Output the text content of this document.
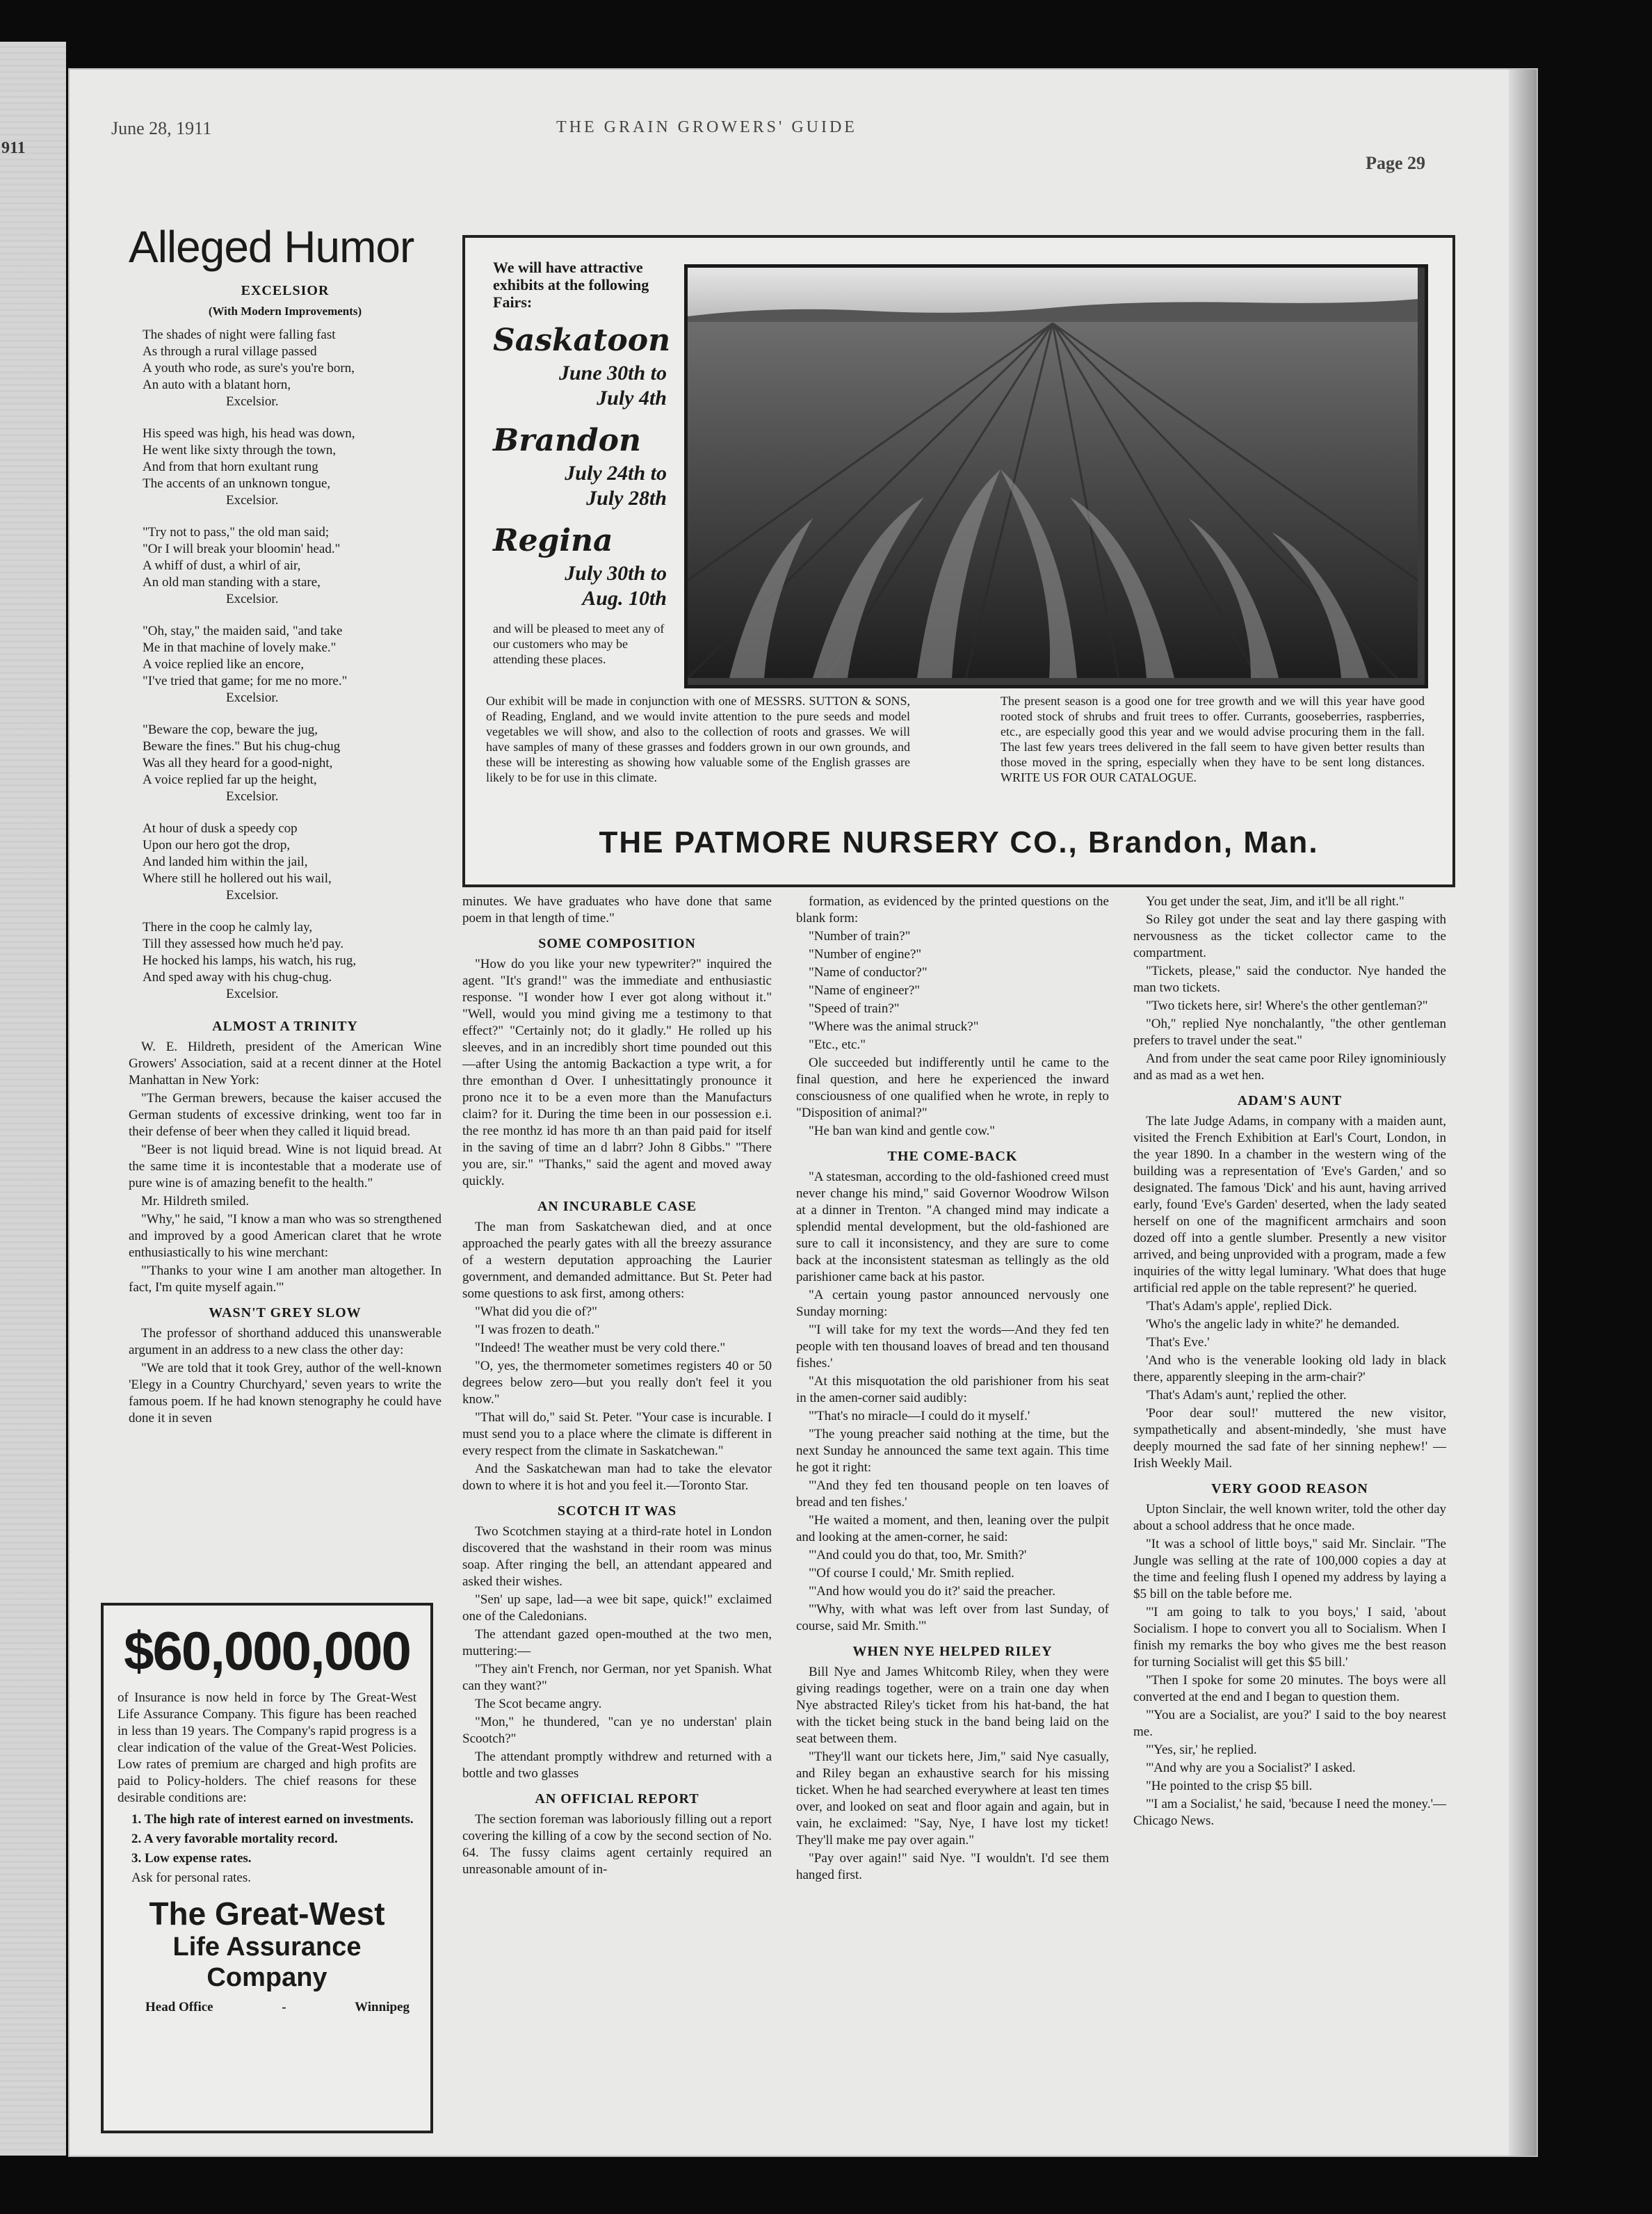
911
June 28, 1911	THE GRAIN GROWERS' GUIDE
Page 29
Alleged Humor
EXCELSIOR
(With Modern Improvements)
The shades of night were falling fast
As through a rural village passed
A youth who rode, as sure's you're born,
An auto with a blatant horn,
Excelsior.
His speed was high, his head was down,
He went like sixty through the town,
And from that horn exultant rung
The accents of an unknown tongue,
Excelsior.
"Try not to pass," the old man said;
"Or I will break your bloomin' head."
A whiff of dust, a whirl of air,
An old man standing with a stare,
Excelsior.
"Oh, stay," the maiden said, "and take
Me in that machine of lovely make."
A voice replied like an encore,
"I've tried that game; for me no more."
Excelsior.
"Beware the cop, beware the jug,
Beware the fines." But his chug-chug
Was all they heard for a good-night,
A voice replied far up the height,
Excelsior.
At hour of dusk a speedy cop
Upon our hero got the drop,
And landed him within the jail,
Where still he hollered out his wail,
Excelsior.
There in the coop he calmly lay,
Till they assessed how much he'd pay.
He hocked his lamps, his watch, his rug,
And sped away with his chug-chug.
Excelsior.
ALMOST A TRINITY

W. E. Hildreth, president of the American Wine Growers' Association, said at a recent dinner at the Hotel Manhattan in New York:

"The German brewers, because the kaiser accused the German students of excessive drinking, went too far in their defense of beer when they called it liquid bread.

"Beer is not liquid bread. Wine is not liquid bread. At the same time it is incontestable that a moderate use of pure wine is of amazing benefit to the health."

Mr. Hildreth smiled.

"Why," he said, "I know a man who was so strengthened and improved by a good American claret that he wrote enthusiastically to his wine merchant:

"'Thanks to your wine I am another man altogether. In fact, I'm quite myself again.'"

WASN'T GREY SLOW

The professor of shorthand adduced this unanswerable argument in an address to a new class the other day:

"We are told that it took Grey, author of the well-known 'Elegy in a Country Churchyard,' seven years to write the famous poem. If he had known stenography he could have done it in seven

We will have attractive exhibits at the following Fairs:
Saskatoon
June 30th to
July 4th
Brandon
July 24th to
July 28th
Regina
July 30th to
Aug. 10th
and will be pleased to meet any of our customers who may be attending these places.
Our exhibit will be made in conjunction with one of MESSRS. SUTTON & SONS, of Reading, England, and we would invite attention to the pure seeds and model vegetables we will show, and also to the collection of roots and grasses. We will have samples of many of these grasses and fodders grown in our own grounds, and these will be interesting as showing how valuable some of the English grasses are likely to be for use in this climate.
The present season is a good one for tree growth and we will this year have good rooted stock of shrubs and fruit trees to offer. Currants, gooseberries, raspberries, etc., are especially good this year and we would advise procuring them in the fall. The last few years trees delivered in the fall seem to have given better results than those moved in the spring, especially when they have to be sent long distances. WRITE US FOR OUR CATALOGUE.
THE PATMORE NURSERY CO., Brandon, Man.

minutes. We have graduates who have done that same poem in that length of time."

SOME COMPOSITION

"How do you like your new typewriter?" inquired the agent. "It's grand!" was the immediate and enthusiastic response. "I wonder how I ever got along without it." "Well, would you mind giving me a testimony to that effect?" "Certainly not; do it gladly." He rolled up his sleeves, and in an incredibly short time pounded out this—after Using the antomig Backaction a type writ, a for thre emonthan d Over. I unhesittatingly pronounce it prono nce it to be a even more than the Manufacturs claim? for it. During the time been in our possession e.i. the ree monthz id has more th an than paid paid for itself in the saving of time an d labrr? John 8 Gibbs." "There you are, sir." "Thanks," said the agent and moved away quickly.

AN INCURABLE CASE

The man from Saskatchewan died, and at once approached the pearly gates with all the breezy assurance of a western deputation approaching the Laurier government, and demanded admittance. But St. Peter had some questions to ask first, among others:

"What did you die of?"

"I was frozen to death."

"Indeed! The weather must be very cold there."

"O, yes, the thermometer sometimes registers 40 or 50 degrees below zero—but you really don't feel it you know."

"That will do," said St. Peter. "Your case is incurable. I must send you to a place where the climate is different in every respect from the climate in Saskatchewan."

And the Saskatchewan man had to take the elevator down to where it is hot and you feel it.—Toronto Star.

SCOTCH IT WAS

Two Scotchmen staying at a third-rate hotel in London discovered that the washstand in their room was minus soap. After ringing the bell, an attendant appeared and asked their wishes.

"Sen' up sape, lad—a wee bit sape, quick!" exclaimed one of the Caledonians.

The attendant gazed open-mouthed at the two men, muttering:—

"They ain't French, nor German, nor yet Spanish. What can they want?"

The Scot became angry.

"Mon," he thundered, "can ye no understan' plain Scootch?"

The attendant promptly withdrew and returned with a bottle and two glasses

AN OFFICIAL REPORT

The section foreman was laboriously filling out a report covering the killing of a cow by the second section of No. 64. The fussy claims agent certainly required an unreasonable amount of in-

formation, as evidenced by the printed questions on the blank form:

"Number of train?"

"Number of engine?"

"Name of conductor?"

"Name of engineer?"

"Speed of train?"

"Where was the animal struck?"

"Etc., etc."

Ole succeeded but indifferently until he came to the final question, and here he experienced the inward consciousness of one qualified when he wrote, in reply to "Disposition of animal?"

"He ban wan kind and gentle cow."

THE COME-BACK

"A statesman, according to the old-fashioned creed must never change his mind," said Governor Woodrow Wilson at a dinner in Trenton. "A changed mind may indicate a splendid mental development, but the old-fashioned are sure to call it inconsistency, and they are sure to come back at the inconsistent statesman as tellingly as the old parishioner came back at his pastor.

"A certain young pastor announced nervously one Sunday morning:

"'I will take for my text the words—And they fed ten people with ten thousand loaves of bread and ten thousand fishes.'

"At this misquotation the old parishioner from his seat in the amen-corner said audibly:

"'That's no miracle—I could do it myself.'

"The young preacher said nothing at the time, but the next Sunday he announced the same text again. This time he got it right:

"'And they fed ten thousand people on ten loaves of bread and ten fishes.'

"He waited a moment, and then, leaning over the pulpit and looking at the amen-corner, he said:

"'And could you do that, too, Mr. Smith?'

"'Of course I could,' Mr. Smith replied.

"'And how would you do it?' said the preacher.

"'Why, with what was left over from last Sunday, of course, said Mr. Smith.'"

WHEN NYE HELPED RILEY

Bill Nye and James Whitcomb Riley, when they were giving readings together, were on a train one day when Nye abstracted Riley's ticket from his hat-band, the hat with the ticket being stuck in the band being laid on the seat between them.

"They'll want our tickets here, Jim," said Nye casually, and Riley began an exhaustive search for his missing ticket. When he had searched everywhere at least ten times over, and looked on seat and floor again and again, but in vain, he exclaimed: "Say, Nye, I have lost my ticket! They'll make me pay over again."

"Pay over again!" said Nye. "I wouldn't. I'd see them hanged first.

You get under the seat, Jim, and it'll be all right."

So Riley got under the seat and lay there gasping with nervousness as the ticket collector came to the compartment.

"Tickets, please," said the conductor. Nye handed the man two tickets.

"Two tickets here, sir! Where's the other gentleman?"

"Oh," replied Nye nonchalantly, "the other gentleman prefers to travel under the seat."

And from under the seat came poor Riley ignominiously and as mad as a wet hen.

ADAM'S AUNT

The late Judge Adams, in company with a maiden aunt, visited the French Exhibition at Earl's Court, London, in the year 1890. In a chamber in the western wing of the building was a representation of 'Eve's Garden,' and so designated. The famous 'Dick' and his aunt, having arrived early, found 'Eve's Garden' deserted, when the lady seated herself on one of the magnificent armchairs and soon dozed off into a gentle slumber. Presently a new visitor arrived, and being unprovided with a program, made a few inquiries of the witty legal luminary. 'What does that huge artificial red apple on the table represent?' he queried.

'That's Adam's apple', replied Dick.

'Who's the angelic lady in white?' he demanded.

'That's Eve.'

'And who is the venerable looking old lady in black there, apparently sleeping in the arm-chair?'

'That's Adam's aunt,' replied the other.

'Poor dear soul!' muttered the new visitor, sympathetically and absent-mindedly, 'she must have deeply mourned the sad fate of her sinning nephew!' —Irish Weekly Mail.

VERY GOOD REASON

Upton Sinclair, the well known writer, told the other day about a school address that he once made.

"It was a school of little boys," said Mr. Sinclair. "The Jungle was selling at the rate of 100,000 copies a day at the time and feeling flush I opened my address by laying a $5 bill on the table before me.

"'I am going to talk to you boys,' I said, 'about Socialism. I hope to convert you all to Socialism. When I finish my remarks the boy who gives me the best reason for turning Socialist will get this $5 bill.'

"Then I spoke for some 20 minutes. The boys were all converted at the end and I began to question them.

"'You are a Socialist, are you?' I said to the boy nearest me.

"'Yes, sir,' he replied.

"'And why are you a Socialist?' I asked.

"He pointed to the crisp $5 bill.

"'I am a Socialist,' he said, 'because I need the money.'—Chicago News.

$60,000,000
of Insurance is now held in force by The Great-West Life Assurance Company. This figure has been reached in less than 19 years. The Company's rapid progress is a clear indication of the value of the Great-West Policies. Low rates of premium are charged and high profits are paid to Policy-holders. The chief reasons for these desirable conditions are:
1. The high rate of interest earned on investments.
2. A very favorable mortality record.
3. Low expense rates.
Ask for personal rates.
The Great-West
Life Assurance
Company
Head Office	-	Winnipeg
